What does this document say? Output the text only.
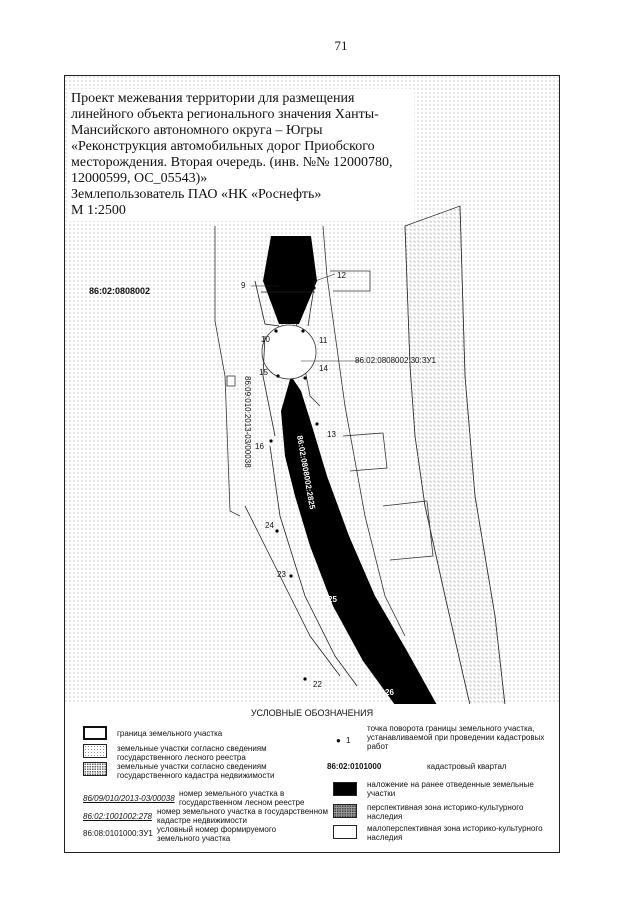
71
86:02:0808002
86:02:0808002:30:ЗУ1
86:09:010:2013-03/00038
86:02:0808002:2825
9
10	11
12
13
14
15
16
22
23
24
25
26
Проект межевания территории для размещения
линейного объекта регионального значения Ханты-
Мансийского автономного округа – Югры
«Реконструкция автомобильных дорог Приобского
месторождения. Вторая очередь. (инв. №№ 12000780,
12000599, ОС_05543)»
Землепользователь ПАО «НК «Роснефть»
М 1:2500
УСЛОВНЫЕ ОБОЗНАЧЕНИЯ
граница земельного участка
земельные участки согласно сведениям государственного лесного реестра
земельные участки согласно сведениям государственного кадастра недвижимости
86/09/010/2013-03/00038
номер земельного участка в государственном лесном реестре
86:02:1001002:278
номер земельного участка в государственном кадастре недвижимости
86:08:0101000:ЗУ1 условный номер формируемого земельного участка
● 1
точка поворота границы земельного участка, устанавливаемой при проведении кадастровых работ
86:02:0101000	кадастровый квартал
наложение на ранее отведенные земельные участки
перспективная зона историко-культурного наследия
малоперспективная зона историко-культурного наследия
